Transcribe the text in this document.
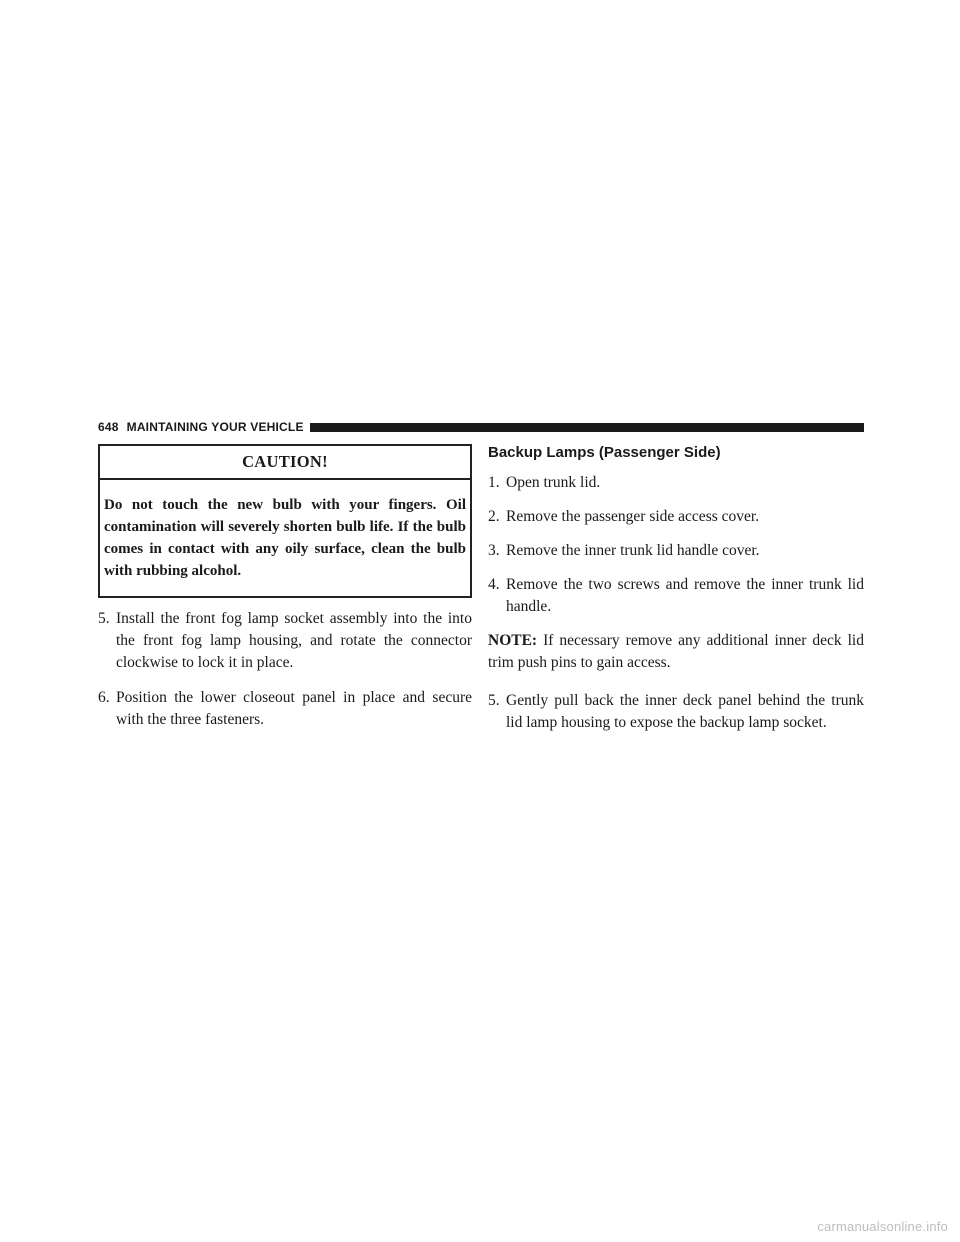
648 MAINTAINING YOUR VEHICLE
CAUTION!
Do not touch the new bulb with your fingers. Oil contamination will severely shorten bulb life. If the bulb comes in contact with any oily surface, clean the bulb with rubbing alcohol.

5. Install the front fog lamp socket assembly into the into the front fog lamp housing, and rotate the connector clockwise to lock it in place.

6. Position the lower closeout panel in place and secure with the three fasteners.

Backup Lamps (Passenger Side)

1. Open trunk lid.

2. Remove the passenger side access cover.

3. Remove the inner trunk lid handle cover.

4. Remove the two screws and remove the inner trunk lid handle.

NOTE: If necessary remove any additional inner deck lid trim push pins to gain access.

5. Gently pull back the inner deck panel behind the trunk lid lamp housing to expose the backup lamp socket.

carmanualsonline.info
